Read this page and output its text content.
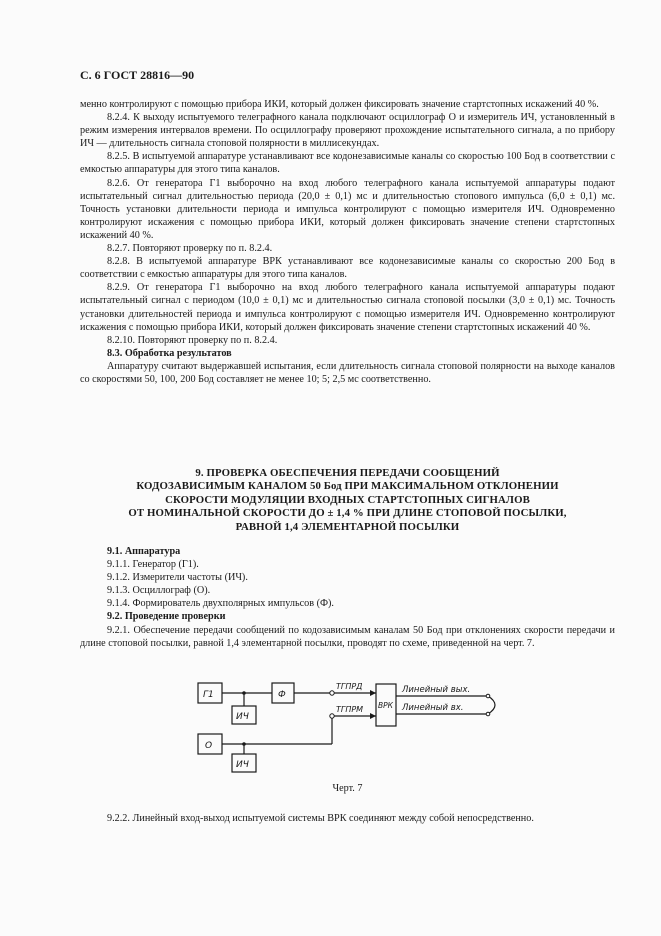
С. 6 ГОСТ 28816—90

менно контролируют с помощью прибора ИКИ, который должен фиксировать значение стартстопных искажений 40 %.

8.2.4. К выходу испытуемого телеграфного канала подключают осциллограф О и измеритель ИЧ, установленный в режим измерения интервалов времени. По осциллографу проверяют прохождение испытательного сигнала, а по прибору ИЧ — длительность сигнала стоповой полярности в миллисекундах.

8.2.5. В испытуемой аппаратуре устанавливают все кодонезависимые каналы со скоростью 100 Бод в соответствии с емкостью аппаратуры для этого типа каналов.

8.2.6. От генератора Г1 выборочно на вход любого телеграфного канала испытуемой аппаратуры подают испытательный сигнал длительностью периода (20,0 ± 0,1) мс и длительностью стопового импульса (6,0 ± 0,1) мс. Точность установки длительности периода и импульса контролируют с помощью измерителя ИЧ. Одновременно контролируют искажения с помощью прибора ИКИ, который должен фиксировать значение степени стартстопных искажений 40 %.

8.2.7. Повторяют проверку по п. 8.2.4.

8.2.8. В испытуемой аппаратуре ВРК устанавливают все кодонезависимые каналы со скоростью 200 Бод в соответствии с емкостью аппаратуры для этого типа каналов.

8.2.9. От генератора Г1 выборочно на вход любого телеграфного канала испытуемой аппаратуры подают испытательный сигнал с периодом (10,0 ± 0,1) мс и длительностью сигнала стоповой посылки (3,0 ± 0,1) мс. Точность установки длительностей периода и импульса контролируют с помощью измерителя ИЧ. Одновременно контролируют искажения с помощью прибора ИКИ, который должен фиксировать значение степени стартстопных искажений 40 %.

8.2.10. Повторяют проверку по п. 8.2.4.

8.3. Обработка результатов

Аппаратуру считают выдержавшей испытания, если длительность сигнала стоповой полярности на выходе каналов со скоростями 50, 100, 200 Бод составляет не менее 10; 5; 2,5 мс соответственно.

9. ПРОВЕРКА ОБЕСПЕЧЕНИЯ ПЕРЕДАЧИ СООБЩЕНИЙ
КОДОЗАВИСИМЫМ КАНАЛОМ 50 Бод ПРИ МАКСИМАЛЬНОМ ОТКЛОНЕНИИ
СКОРОСТИ МОДУЛЯЦИИ ВХОДНЫХ СТАРТСТОПНЫХ СИГНАЛОВ
ОТ НОМИНАЛЬНОЙ СКОРОСТИ ДО ± 1,4 % ПРИ ДЛИНЕ СТОПОВОЙ ПОСЫЛКИ,
РАВНОЙ 1,4 ЭЛЕМЕНТАРНОЙ ПОСЫЛКИ

9.1. Аппаратура

9.1.1. Генератор (Г1).

9.1.2. Измерители частоты (ИЧ).

9.1.3. Осциллограф (О).

9.1.4. Формирователь двухполярных импульсов (Ф).

9.2. Проведение проверки

9.2.1. Обеспечение передачи сообщений по кодозависимым каналам 50 Бод при отклонениях скорости передачи и длине стоповой посылки, равной 1,4 элементарной посылки, проводят по схеме, приведенной на черт. 7.

Г1	Ф
ИЧ
О
ИЧ
ВРК
ТГПРД
ТГПРМ
Линейный вых.
Линейный вх.
Черт. 7

9.2.2. Линейный вход-выход испытуемой системы ВРК соединяют между собой непосредственно.
